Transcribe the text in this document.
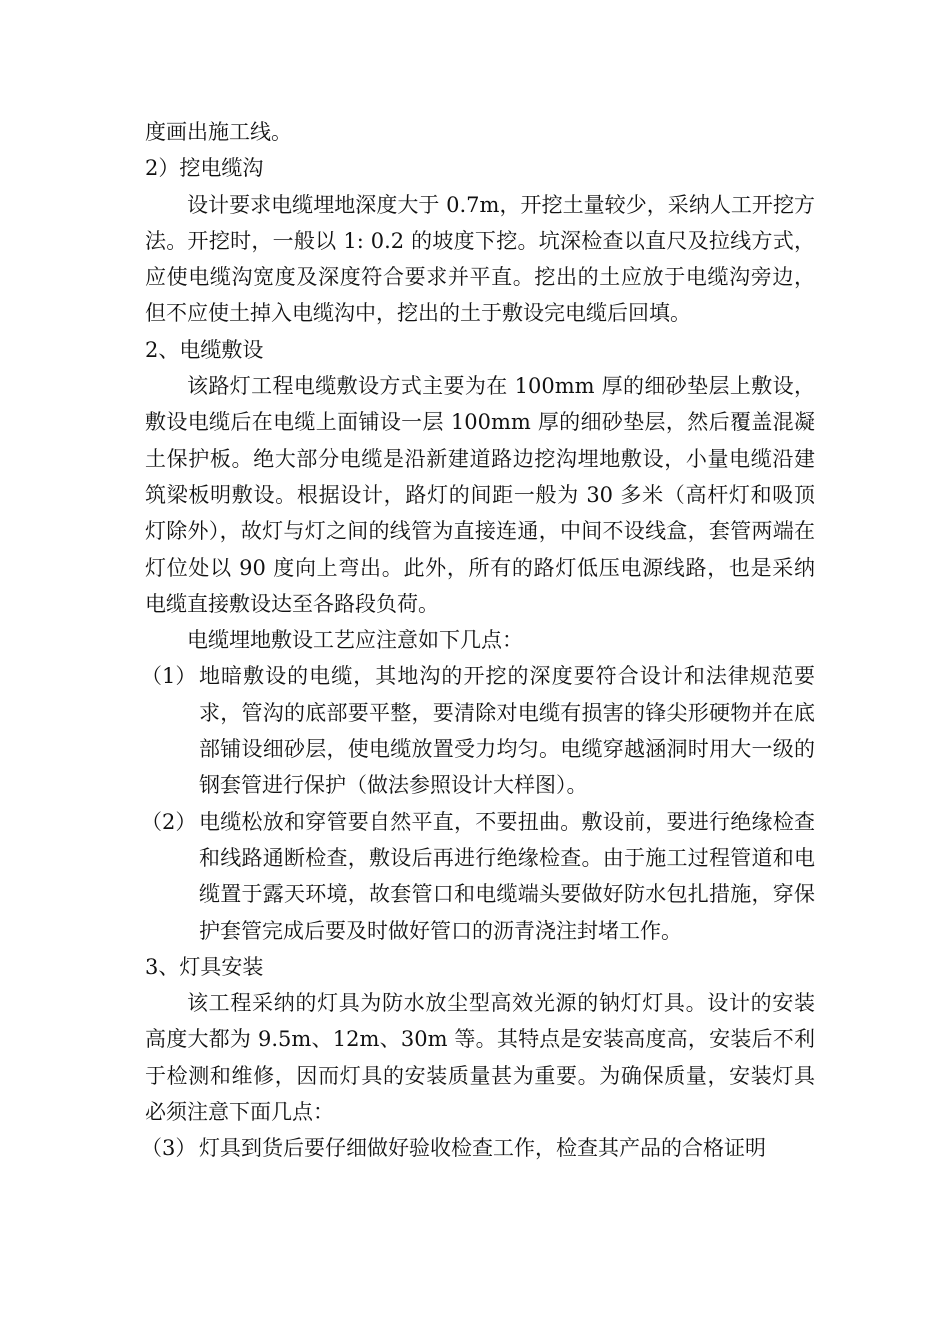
度画出施工线。
2）挖电缆沟
设计要求电缆埋地深度大于 0.7m，开挖土量较少，采纳人工开挖方法。开挖时，一般以 1: 0.2 的坡度下挖。坑深检查以直尺及拉线方式，应使电缆沟宽度及深度符合要求并平直。挖出的土应放于电缆沟旁边，但不应使土掉入电缆沟中，挖出的土于敷设完电缆后回填。
2、电缆敷设
该路灯工程电缆敷设方式主要为在 100mm 厚的细砂垫层上敷设，敷设电缆后在电缆上面铺设一层 100mm 厚的细砂垫层，然后覆盖混凝土保护板。绝大部分电缆是沿新建道路边挖沟埋地敷设，小量电缆沿建筑梁板明敷设。根据设计，路灯的间距一般为 30 多米（高杆灯和吸顶灯除外），故灯与灯之间的线管为直接连通，中间不设线盒，套管两端在灯位处以 90 度向上弯出。此外，所有的路灯低压电源线路，也是采纳电缆直接敷设达至各路段负荷。
电缆埋地敷设工艺应注意如下几点：
（1） 地暗敷设的电缆，其地沟的开挖的深度要符合设计和法律规范要求，管沟的底部要平整，要清除对电缆有损害的锋尖形硬物并在底部铺设细砂层，使电缆放置受力均匀。电缆穿越涵洞时用大一级的钢套管进行保护（做法参照设计大样图）。
（2） 电缆松放和穿管要自然平直，不要扭曲。敷设前，要进行绝缘检查和线路通断检查，敷设后再进行绝缘检查。由于施工过程管道和电缆置于露天环境，故套管口和电缆端头要做好防水包扎措施，穿保护套管完成后要及时做好管口的沥青浇注封堵工作。
3、灯具安装
该工程采纳的灯具为防水放尘型高效光源的钠灯灯具。设计的安装高度大都为 9.5m、12m、30m 等。其特点是安装高度高，安装后不利于检测和维修，因而灯具的安装质量甚为重要。为确保质量，安装灯具必须注意下面几点：
（3） 灯具到货后要仔细做好验收检查工作，检查其产品的合格证明
